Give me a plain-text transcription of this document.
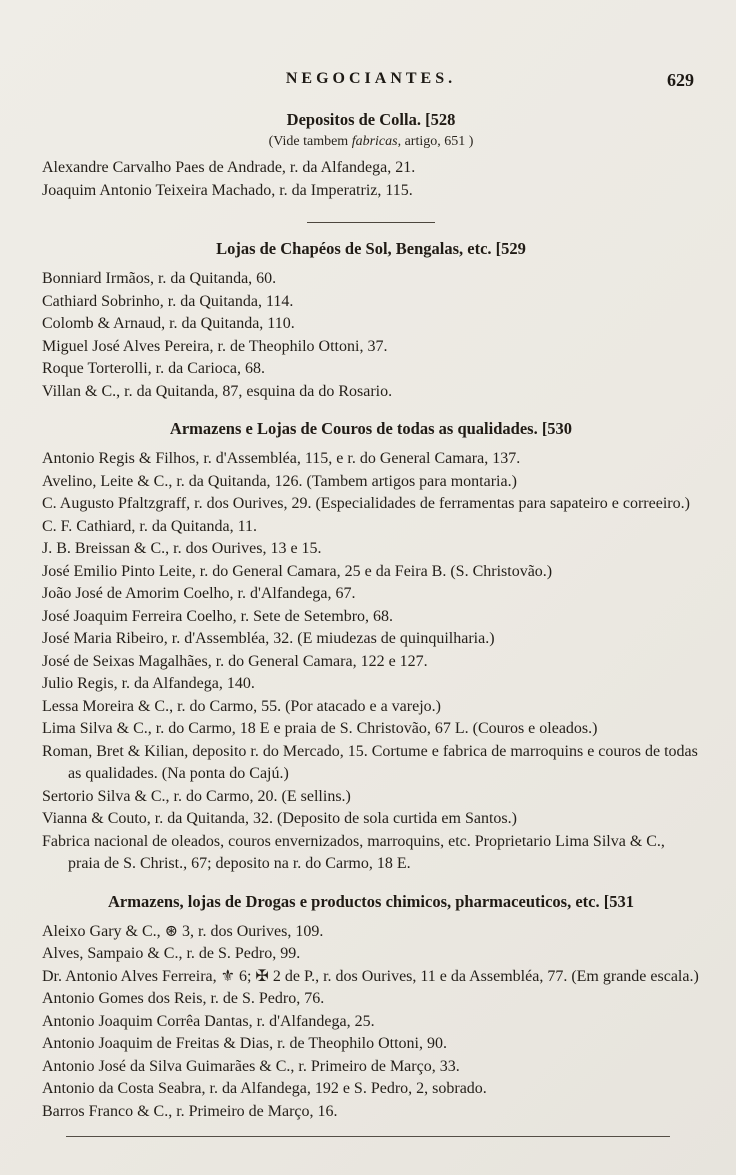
NEGOCIANTES.	629
Depositos de Colla. [528
(Vide tambem fabricas, artigo, 651 )
Alexandre Carvalho Paes de Andrade, r. da Alfandega, 21.
Joaquim Antonio Teixeira Machado, r. da Imperatriz, 115.
Lojas de Chapéos de Sol, Bengalas, etc. [529
Bonniard Irmãos, r. da Quitanda, 60.
Cathiard Sobrinho, r. da Quitanda, 114.
Colomb & Arnaud, r. da Quitanda, 110.
Miguel José Alves Pereira, r. de Theophilo Ottoni, 37.
Roque Torterolli, r. da Carioca, 68.
Villan & C., r. da Quitanda, 87, esquina da do Rosario.
Armazens e Lojas de Couros de todas as qualidades. [530
Antonio Regis & Filhos, r. d'Assembléa, 115, e r. do General Camara, 137.
Avelino, Leite & C., r. da Quitanda, 126. (Tambem artigos para montaria.)
C. Augusto Pfaltzgraff, r. dos Ourives, 29. (Especialidades de ferramentas para sapateiro e correeiro.)
C. F. Cathiard, r. da Quitanda, 11.
J. B. Breissan & C., r. dos Ourives, 13 e 15.
José Emilio Pinto Leite, r. do General Camara, 25 e da Feira B. (S. Christovão.)
João José de Amorim Coelho, r. d'Alfandega, 67.
José Joaquim Ferreira Coelho, r. Sete de Setembro, 68.
José Maria Ribeiro, r. d'Assembléa, 32. (E miudezas de quinquilharia.)
José de Seixas Magalhães, r. do General Camara, 122 e 127.
Julio Regis, r. da Alfandega, 140.
Lessa Moreira & C., r. do Carmo, 55. (Por atacado e a varejo.)
Lima Silva & C., r. do Carmo, 18 E e praia de S. Christovão, 67 L. (Couros e oleados.)
Roman, Bret & Kilian, deposito r. do Mercado, 15. Cortume e fabrica de marroquins e couros de todas as qualidades. (Na ponta do Cajú.)
Sertorio Silva & C., r. do Carmo, 20. (E sellins.)
Vianna & Couto, r. da Quitanda, 32. (Deposito de sola curtida em Santos.)
Fabrica nacional de oleados, couros envernizados, marroquins, etc. Proprietario Lima Silva & C., praia de S. Christ., 67; deposito na r. do Carmo, 18 E.
Armazens, lojas de Drogas e productos chimicos, pharmaceuticos, etc. [531
Aleixo Gary & C., ⊛ 3, r. dos Ourives, 109.
Alves, Sampaio & C., r. de S. Pedro, 99.
Dr. Antonio Alves Ferreira, ⚜ 6; ✠ 2 de P., r. dos Ourives, 11 e da Assembléa, 77. (Em grande escala.)
Antonio Gomes dos Reis, r. de S. Pedro, 76.
Antonio Joaquim Corrêa Dantas, r. d'Alfandega, 25.
Antonio Joaquim de Freitas & Dias, r. de Theophilo Ottoni, 90.
Antonio José da Silva Guimarães & C., r. Primeiro de Março, 33.
Antonio da Costa Seabra, r. da Alfandega, 192 e S. Pedro, 2, sobrado.
Barros Franco & C., r. Primeiro de Março, 16.
